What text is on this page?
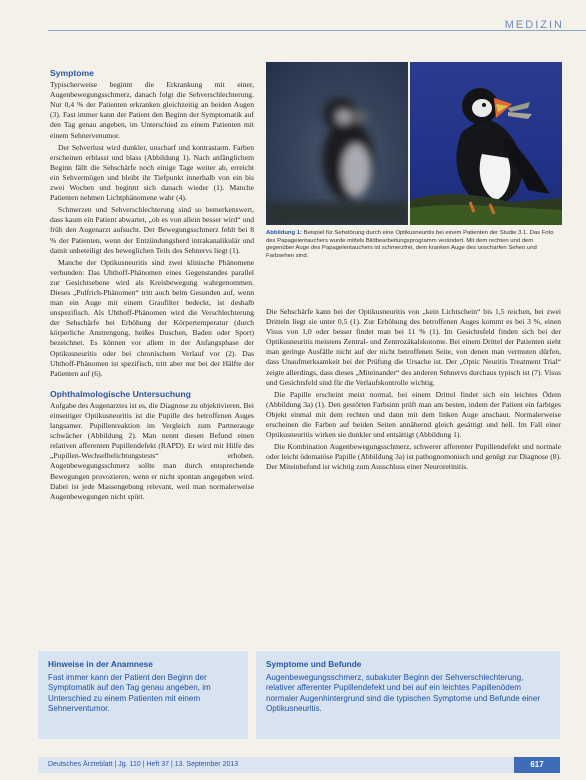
MEDIZIN
Symptome

Typischerweise beginnt die Erkrankung mit einer, Augenbewegungsschmerz, danach folgt die Sehverschlechterung. Nur 0,4 % der Patienten erkranken gleichzeitig an beiden Augen (3). Fast immer kann der Patient den Beginn der Symptomatik auf den Tag genau angeben, im Unterschied zu einem Patienten mit einem Sehnervenumor.

Der Sehverlust wird dunkler, unscharf und kontrastarm. Farben erscheinen erblasst und blass (Abbildung 1). Nach anfänglichem Beginn fällt die Sehschärfe noch einige Tage weiter ab, erreicht ein Sehvermögen und bleibt ihr Tiefpunkt innerhalb von ein bis zwei Wochen und beginnt sich danach wieder (1). Manche Patienten nehmen Lichtphänomene wahr (4).

Schmerzen und Sehverschlechterung sind so bemerkenswert, dass kaum ein Patient abwartet, „ob es von allein besser wird“ und früh den Augenarzt aufsucht. Der Bewegungsschmerz fehlt bei 8 % der Patienten, wenn der Entzündungsherd intrakanalikulär und damit unbeteiligt des beweglichen Teils des Sehnervs liegt (1).

Manche der Optikusneuritis sind zwei klinische Phänomene verbunden: Das Uhthoff-Phänomen eines Gegenstandes parallel zur Gesichtsebene wird als Kreisbewegung wahrgenommen. Dieses „Pulfrich-Phänomen“ tritt auch beim Gesunden auf, wenn man ein Auge mit einem Graufilter bedeckt, ist deshalb unspezifisch. Als Uhthoff-Phänomen wird die Verschlechterung der Sehschärfe bei Erhöhung der Körpertemperatur (durch körperliche Anstrengung, heißes Duschen, Baden oder Sport) bezeichnet. Es können vor allem in der Anfangsphase der Optikusneuritis oder bei chronischem Verlauf vor (2). Das Uhthoff-Phänomen ist spezifisch, tritt aber nur bei der Hälfte der Patienten auf (6).

Ophthalmologische Untersuchung

Aufgabe des Augenarztes ist es, die Diagnose zu objektivieren. Bei einseitiger Optikusneuritis ist die Pupille des betroffenen Auges langsamer. Pupillenreaktion im Vergleich zum Partnerauge schwächer (Abbildung 2). Man nennt diesen Befund einen relativen afferenten Pupillendefekt (RAPD). Er wird mit Hilfe des „Pupillen-Wechselbelichtungstests“ erhoben. Augenbewegungsschmerz sollte man durch entsprechende Bewegungen provozieren, wenn er nicht spontan angegeben wird. Dabei ist jede Massengebung relevant, weil man normalerweise Augenbewegungen nicht spürt.

Abbildung 1: Beispiel für Sehstörung durch eine Optikusneuritis bei einem Patienten der Studie 3.1. Das Foto des Papageientauchers wurde mittels Bildbearbeitungsprogramm verändert. Mit dem rechten und dem gegenüber Auge des Papageientauchers ist schmerzfrei, dem kranken Auge des unscharfen Sehen und Farbsehen sind.

Die Sehschärfe kann bei der Optikusneuritis von „kein Lichtschein“ bis 1,5 reichen, bei zwei Dritteln liegt sie unter 0,5 (1). Zur Erhöhung des betroffenen Auges kommt es bei 3 %, einen Visus von 1,0 oder besser findet man bei 11 % (1). Im Gesichtsfeld finden sich bei der Optikusneuritis meistens Zentral- und Zentrozäkalskotome. Bei einem Drittel der Patienten sieht man geringe Ausfälle nicht auf der nicht betroffenen Seite, von denen man vermuten dürfen, dass Unaufmerksamkeit bei der Prüfung die Ursache ist. Der „Optic Neuritis Treatment Trial“ zeigte allerdings, dass dieses „Miteinander“ des anderen Sehnervs durchaus typisch ist (7). Visus und Gesichtsfeld sind für die Verlaufskontrolle wichtig.

Die Papille erscheint meist normal, bei einem Drittel findet sich ein leichtes Ödem (Abbildung 3a) (1). Den gestörten Farbsinn prüft man am besten, indem der Patient ein farbiges Objekt einmal mit dem rechten und dann mit dem linken Auge anschaut. Normalerweise erscheinen die Farben auf beiden Seiten annähernd gleich gesättigt und hell. Im Fall einer Optikusneuritis wirken sie dunkler und entsättigt (Abbildung 1).

Die Kombination Augenbewegungsschmerz, schwerer afferenter Pupillendefekt und normale oder leicht ödematöse Papille (Abbildung 3a) ist pathognomonisch und genügt zur Diagnose (8). Der Miteinbefund ist wichtig zum Ausschluss einer Neuroretinitis.

Hinweise in der Anamnese
Fast immer kann der Patient den Beginn der Symptomatik auf den Tag genau angeben, im Unterschied zu einem Patienten mit einem Sehnerventumor.
Symptome und Befunde
Augenbewegungsschmerz, subakuter Beginn der Sehverschlechterung, relativer afferenter Pupillendefekt und bei auf ein leichtes Papillenödem normaler Augenhintergrund sind die typischen Symptome und Befunde einer Optikusneuritis.
Deutsches Ärzteblatt | Jg. 110 | Heft 37 | 13. September 2013	617
